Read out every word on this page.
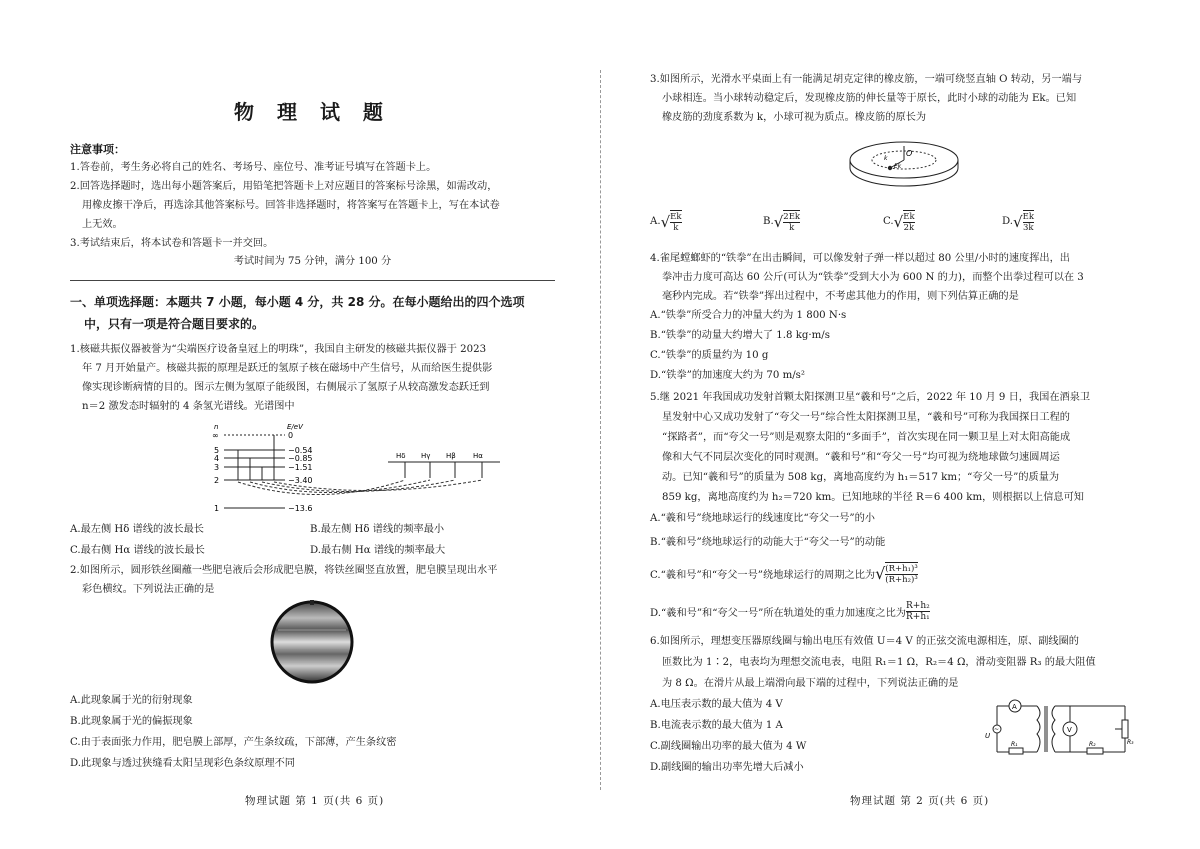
物 理 试 题
注意事项：
1.答卷前，考生务必将自己的姓名、考场号、座位号、准考证号填写在答题卡上。
2.回答选择题时，选出每小题答案后，用铅笔把答题卡上对应题目的答案标号涂黑，如需改动，
用橡皮擦干净后，再选涂其他答案标号。回答非选择题时，将答案写在答题卡上，写在本试卷
上无效。
3.考试结束后，将本试卷和答题卡一并交回。
考试时间为 75 分钟，满分 100 分
一、单项选择题：本题共 7 小题，每小题 4 分，共 28 分。在每小题给出的四个选项
中，只有一项是符合题目要求的。
1.核磁共振仪器被誉为“尖端医疗设备皇冠上的明珠”，我国自主研发的核磁共振仪器于 2023
年 7 月开始量产。核磁共振的原理是跃迁的氢原子核在磁场中产生信号，从而给医生提供影
像实现诊断病情的目的。图示左侧为氢原子能级图，右侧展示了氢原子从较高激发态跃迁到
n＝2 激发态时辐射的 4 条氢光谱线。光谱图中
n	E/eV
∞	0
5	−0.54
4	−0.85
3	−1.51
2	−3.40
1	−13.6
Hδ Hγ Hβ Hα
A.最左侧 Hδ 谱线的波长最长	B.最左侧 Hδ 谱线的频率最小
C.最右侧 Hα 谱线的波长最长	D.最右侧 Hα 谱线的频率最大
2.如图所示，圆形铁丝圈蘸一些肥皂液后会形成肥皂膜，将铁丝圈竖直放置，肥皂膜呈现出水平
彩色横纹。下列说法正确的是
A.此现象属于光的衍射现象
B.此现象属于光的偏振现象
C.由于表面张力作用，肥皂膜上部厚，产生条纹疏，下部薄，产生条纹密
D.此现象与透过狭缝看太阳呈现彩色条纹原理不同
物理试题 第 1 页(共 6 页)
3.如图所示，光滑水平桌面上有一能满足胡克定律的橡皮筋，一端可绕竖直轴 O 转动，另一端与
小球相连。当小球转动稳定后，发现橡皮筋的伸长量等于原长，此时小球的动能为 Ek。已知
橡皮筋的劲度系数为 k，小球可视为质点。橡皮筋的原长为
O
Ek
k
A. √ $\frac{Ek}{k}$	B. √ $\frac{2Ek}{k}$	C. √ $\frac{Ek}{2k}$	D. √ $\frac{Ek}{3k}$
4.雀尾螳螂虾的“铁拳”在出击瞬间，可以像发射子弹一样以超过 80 公里/小时的速度挥出，出
拳冲击力度可高达 60 公斤(可认为“铁拳”受到大小为 600 N 的力)，而整个出拳过程可以在 3
毫秒内完成。若“铁拳”挥出过程中，不考虑其他力的作用，则下列估算正确的是
A.“铁拳”所受合力的冲量大约为 1 800 N·s
B.“铁拳”的动量大约增大了 1.8 kg·m/s
C.“铁拳”的质量约为 10 g
D.“铁拳”的加速度大约为 70 m/s²
5.继 2021 年我国成功发射首颗太阳探测卫星“羲和号”之后，2022 年 10 月 9 日，我国在酒泉卫
星发射中心又成功发射了“夸父一号”综合性太阳探测卫星，“羲和号”可称为我国探日工程的
“探路者”，而“夸父一号”则是观察太阳的“多面手”，首次实现在同一颗卫星上对太阳高能成
像和大气不同层次变化的同时观测。“羲和号”和“夸父一号”均可视为绕地球做匀速圆周运
动。已知“羲和号”的质量为 508 kg，离地高度约为 h₁＝517 km；“夸父一号”的质量为
859 kg，离地高度约为 h₂＝720 km。已知地球的半径 R＝6 400 km，则根据以上信息可知
A.“羲和号”绕地球运行的线速度比“夸父一号”的小
B.“羲和号”绕地球运行的动能大于“夸父一号”的动能
C.“羲和号”和“夸父一号”绕地球运行的周期之比为 √ $\frac{\text{(R+h₁)³}}{\text{(R+h₂)³}}$
D.“羲和号”和“夸父一号”所在轨道处的重力加速度之比为 $\frac{\text{R+h₂}}{\text{R+h₁}}$
6.如图所示，理想变压器原线圈与输出电压有效值 U＝4 V 的正弦交流电源相连，原、副线圈的
匝数比为 1∶2，电表均为理想交流电表，电阻 R₁＝1 Ω，R₂＝4 Ω，滑动变阻器 R₃ 的最大阻值
为 8 Ω。在滑片从最上端滑向最下端的过程中，下列说法正确的是
A.电压表示数的最大值为 4 V
B.电流表示数的最大值为 1 A
C.副线圈输出功率的最大值为 4 W
D.副线圈的输出功率先增大后减小
A
~
U
R₁
V
R₂	R₃
物理试题 第 2 页(共 6 页)
